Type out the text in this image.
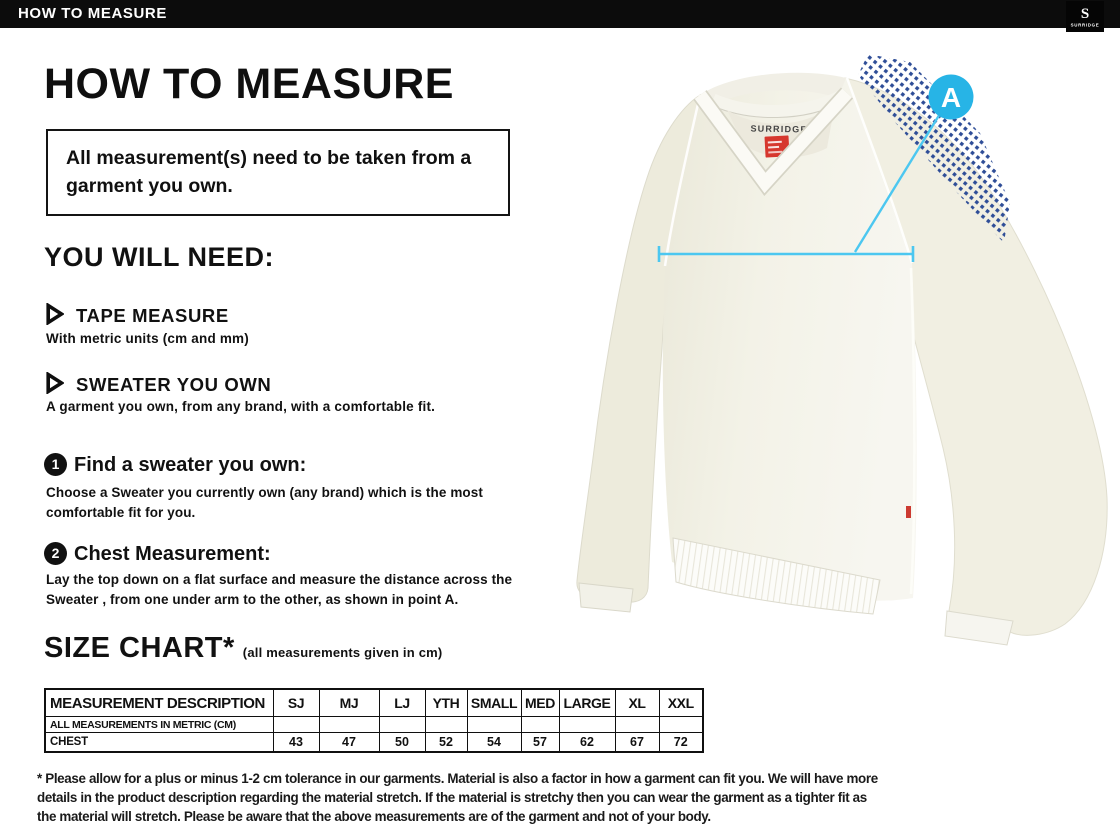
HOW TO MEASURE	S
SURRIDGE
HOW TO MEASURE
All measurement(s) need to be taken from a garment you own.
YOU WILL NEED:
TAPE MEASURE
With metric units (cm and mm)
SWEATER YOU OWN
A garment you own, from any brand, with a comfortable fit.
1 Find a sweater you own:
Choose a Sweater you currently own (any brand) which is the most comfortable fit for you.
2 Chest Measurement:
Lay the top down on a flat surface and measure the distance across the Sweater , from one under arm to the other, as shown in point A.
SIZE CHART* (all measurements given in cm)
MEASUREMENT DESCRIPTION	SJ	MJ	LJ	YTH	SMALL	MED	LARGE	XL	XXL
ALL MEASUREMENTS IN METRIC (CM)									
CHEST	43	47	50	52	54	57	62	67	72
* Please allow for a plus or minus 1-2 cm tolerance in our garments. Material is also a factor in how a garment can fit you. We will have more details in the product description regarding the material stretch. If the material is stretchy then you can wear the garment as a tighter fit as the material will stretch. Please be aware that the above measurements are of the garment and not of your body.
SURRIDGE
A
